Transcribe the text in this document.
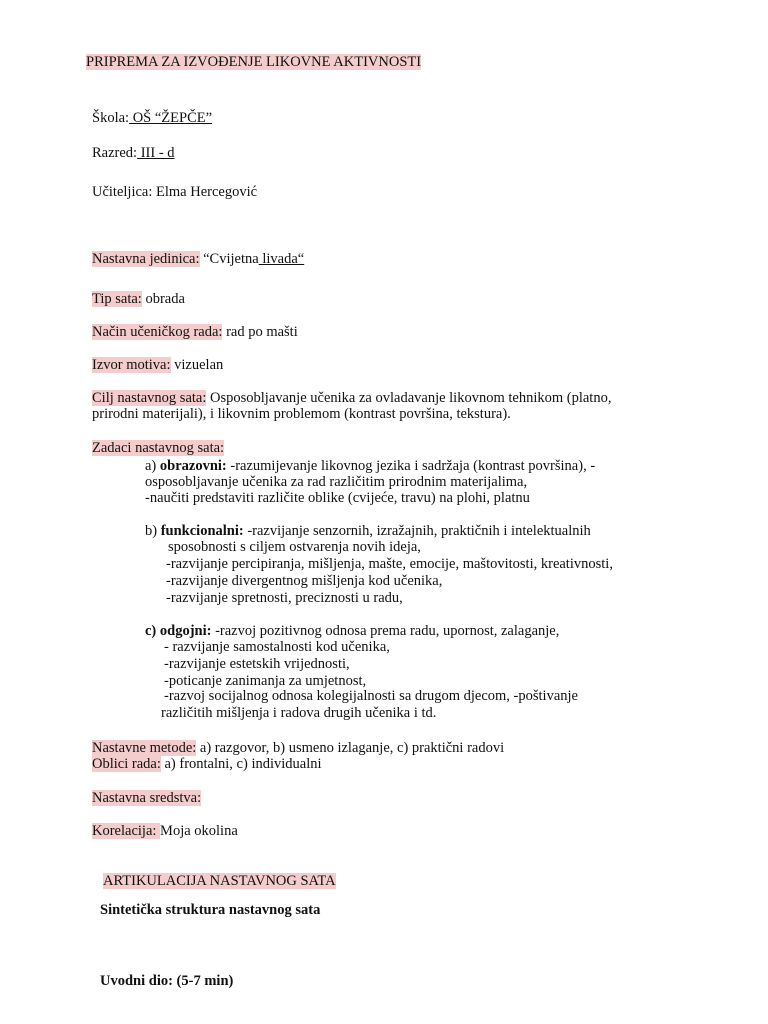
PRIPREMA ZA IZVOĐENJE LIKOVNE AKTIVNOSTI
Škola: OŠ “ŽEPČE”
Razred: III - d
Učiteljica: Elma Hercegović
Nastavna jedinica: “Cvijetna livada“
Tip sata: obrada
Način učeničkog rada: rad po mašti
Izvor motiva: vizuelan
Cilj nastavnog sata: Osposobljavanje učenika za ovladavanje likovnom tehnikom (platno,
prirodni materijali), i likovnim problemom (kontrast površina, tekstura).
Zadaci nastavnog sata:
a) obrazovni: -razumijevanje likovnog jezika i sadržaja (kontrast površina), -
osposobljavanje učenika za rad različitim prirodnim materijalima,
-naučiti predstaviti različite oblike (cvijeće, travu) na plohi, platnu
b) funkcionalni: -razvijanje senzornih, izražajnih, praktičnih i intelektualnih
sposobnosti s ciljem ostvarenja novih ideja,
-razvijanje percipiranja, mišljenja, mašte, emocije, maštovitosti, kreativnosti,
-razvijanje divergentnog mišljenja kod učenika,
-razvijanje spretnosti, preciznosti u radu,
c) odgojni: -razvoj pozitivnog odnosa prema radu, upornost, zalaganje,
- razvijanje samostalnosti kod učenika,
-razvijanje estetskih vrijednosti,
-poticanje zanimanja za umjetnost,
-razvoj socijalnog odnosa kolegijalnosti sa drugom djecom, -poštivanje
različitih mišljenja i radova drugih učenika i td.
Nastavne metode: a) razgovor, b) usmeno izlaganje, c) praktični radovi
Oblici rada: a) frontalni, c) individualni
Nastavna sredstva:
Korelacija: Moja okolina
ARTIKULACIJA NASTAVNOG SATA
Sintetička struktura nastavnog sata
Uvodni dio: (5-7 min)
